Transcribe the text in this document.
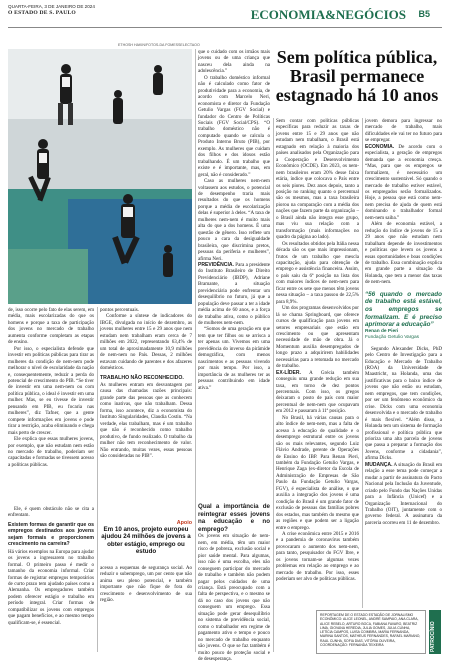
QUARTA-FEIRA, 3 DE JANEIRO DE 2024
O ESTADO DE S. PAULO	ECONOMIA&NEGÓCIOS B5
ETHOSH HAKIN/FOTOS-DA FOMESSELECTAOO
Sem política pública, Brasil permanece estagnado há 10 anos

de, isso ocorre pelo fato de elas serem, em média, mais escolarizadas do que os homens e porque a taxa de participação dos jovens no mercado de trabalho aumenta conforme completam as etapas de ensino.

Por isso, o especialista defende que investir em políticas públicas para tirar as mulheres da condição de nem-nem pode melhorar o nível de escolaridade da nação e, consequentemente, reduzir a perda do potencial de crescimento do PIB. “Se tiver de investir em uma nem-nem ou com política pública, o ideal é investir em uma mulher. Mas, se eu tivesse de investir pensando em PIB, eu focaria nas mulheres”, diz Tafner, que a gente compete informações em jovens e pode tirar a restrição, acaba eliminando e chega mais perto de crescer.

Ele explica que essas mulheres jovens, por exemplo, que não estudam nem estão no mercado de trabalho, poderiam ser capacitadas e formadas se tivessem acesso a políticas públicas.

Ele, é quem obstáculo não se cita a enfrentam.

Existem formas de garantir que os empregos destinados aos jovens sejam formais e proporcionem crescimento na carreira?

Há vários exemplos na Europa para ajudar os jovens a ingressarem no trabalho formal. O primeiro passo é medir o tamanho da economia informal. Criar formas de registrar empregos temporários de curto prazo tem ajudado países como a Alemanha. Os empregadores também podem oferecer estágio e trabalho em período integral. Criar formas de compatibilizar os jovens com empregos que pagam benefícios, e ao mesmo tempo qualificam-se, é essencial.

pontos percentuais.

Conforme a síntese de indicadores do IBGE, divulgada no início de dezembro, as jovens mulheres entre 15 e 29 anos que nem estudam nem trabalham eram cerca de 7 milhões em 2022, representando 63,4% de um total de aproximadamente 10,9 milhões de nem-nem no País. Dessas, 2 milhões estavam cuidando de parentes e dos afazeres domésticos.

TRABALHO NÃO RECONHECIDO.

As mulheres entram em desvantagem por causa das chamadas razões principais: grande parte das pessoas que as conhecem como inativas, que não trabalham. Dessa forma, isso acontece, diz a economista do Instituto Singularidades, Claudia Costin. “Na verdade, elas trabalham, mas é um trabalho que não é reconhecido como trabalho produtivo, de fundo realizado. O trabalho da mulher não tem reconhecimento de valor. Não entrando, muitas vezes, essas pessoas são consideradas no PIB”.

Apoio
Em 10 anos, projeto europeu ajudou 24 milhões de jovens a obter estágio, emprego ou estudo

acesso a esquemas de segurança social. Ao reduzir o subemprego, um por cento que não anima seu pleno potencial, e também importante que não fique de fora do crescimento e desenvolvimento de sua região.

que o cuidado com os irmãos mais jovens ou de uma criança que nasceu dela ainda na adolescência.”

O trabalho doméstico informal não é calculado como fator de produtividade para a economia, de acordo com Marcelo Neri, economista e diretor da Fundação Getulio Vargas (FGV Social) e fundador do Centro de Políticas Sociais (FGV Social/CPS). “O trabalho doméstico não é computado quando se calcula o Produto Interno Bruto (PIB), por exemplo. As mulheres que cuidam dos filhos e dos idosos estão trabalhando. É um trabalho que existe e é importante, mas, em geral, não é considerado.”

Caso as mulheres nem-nem voltassem aos estudos, o potencial de desempenho traria mais resultados do que os homens porque a média de escolarização delas é superior à deles. “A taxa de mulheres nem-nem é muito mais alta do que a dos homens. É uma questão de gênero. Isso reflete um pouco a cara da desigualdade brasileira, que discrimina pretos, pessoas da periferia e mulheres”, afirma Neri.

PREVIDÊNCIA. Para a presidente do Instituto Brasileiro de Direito Previdenciário (IBDP), Adriane Bramante, a situação previdenciária pode enfrentar um desequilíbrio no futuro, já que a população deve passar a ter a idade média acima de 60 anos, e a força de trabalho ativa, como o público de mulheres nem-nem.

“Somos de uma geração em que tem que ter filhos ou se arrisca a ter apenas um. Vivemos em uma previdência do inverso da pirâmide demográfica, com menos nascimentos e as pessoas vivendo por mais tempo. Por isso, a importância de as mulheres ter as pessoas contribuindo em idade ativa.”

Qual a importância de reintegrar esses jovens na educação e no emprego?

Os jovens em situação de nem-nem, em média, têm um maior risco de pobreza, exclusão social e pior saúde mental. Para algumas, isso não é uma escolha, eles não conseguem participar do mercado de trabalho e também não podem pagar pelos cuidados de uma criança. Está preocupado com a falta de perspectiva, e o mesmo se dá no caso dos jovens que não conseguem um emprego. Essa situação pode gerar desequilíbrio no sistema de previdência social, como o trabalhador em regime de pagamento ativo e tempo e pouco no mercado de trabalho enquanto são jovens. O que se faz também é muito pouco de proteção social e de desesperança.

Sem contar com políticas públicas específicas para reduzir as taxas de jovens entre 15 e 29 anos que não estudam nem trabalham, o Brasil está estagnado em relação à maioria dos países analisados pela Organização para a Cooperação e Desenvolvimento Econômico (OCDE). Em 2023, os nem-nem brasileiros eram 20% desse faixa etária, índice que colocava o País entre os seis piores. Dez anos depois, tanto a posição no ranking quanto o percentual são os mesmos, mas a taxa brasileira piorou na comparação com a média dos nações que fazem parte da organização – o Brasil ainda não integra esse grupo, mas viu sua relação com a transformação (mais informações no quadro da página ao lado).

Os resultados obtidos pela Itália nessa década são os que mais impressionam, frutos de um trabalho que mescla capacitação, ajuda para obtenção de emprego e assistência financeira. Assim, o país saiu da 6ª posição na lista dos com maiores índices de nem-nem para ficar entre os sete que menos têm jovens nessa situação – a taxa passou de 22,5% para 8,9%.

Um dos programas desenvolvidos por lá se chama Springboard, que oferece cursos de qualificação para jovens em setores empresariais que estão em crescimento ou que apresentam necessidade de mão de obra. Já o Momentum auxilia desempregados de longo prazo a adquirirem habilidades necessárias para a retomada no mercado de trabalho.

EX-LÍDER. A Grécia também conseguiu uma grande redução em sua taxa, em torno de dez pontos percentuais. Com isso, os gregos deixaram o posto de país com maior percentual de nem-nem que ocupavam em 2012 e passaram à 11ª posição.

No Brasil, há várias causas para o alto índice de nem-nem, mas a falta de acesso à educação de qualidade e o desemprego estrutural entre os jovens são os mais relevantes, segundo Luiz Flávio Andrade, gerente de Operações de Ensino do IBP. Para Renan Pieri, também da Fundação Getulio Vargas, e Henrique Zaga (ex-diretor da Escola de Administração de Empresas de São Paulo da Fundação Getulio Vargas, FGV), é especialista de análise, o que auxilia a integração dos jovens é uma condição do Brasil é um grande fator de exclusão de pessoas das famílias pobres dos estados, mas também do mesmo que as regiões e que podem ser a ligação entre o emprego.

A crise econômica entre 2015 e 2016 e a pandemia de coronavírus também provocaram o aumento dos nem-nem, para tanto, pesquisador do FGV Ibre, e os jovens tornam-se algumas vezes problemas em relação ao emprego e ao mercado de trabalho. Por isso, esses poderiam ser alvo de políticas públicas.

jovem demora para ingressar no mercado de trabalho, mais dificuldades ele vai ter no futuro para se empregar.

ECONOMIA. De acordo com o especialista, a geração de empregos demanda que a economia cresça. “Mas, para que os empregos se formalizem, é necessário um crescimento sustentável. Só quando o mercado de trabalho estiver estável, os empregados serão formalizados. Hoje, a pessoa que está como nem-nem precisa de ajuda de quem está dominando o trabalhador formal nem-nem saiba.”

Além de economia estável, a redução do índice de jovens de 15 a 29 anos que não estudam nem trabalham depende de investimentos e políticas que levem os jovens a essas oportunidades e boas condições de trabalho. Essa combinação explica em grande parte a situação da Holanda, que tem a menor das taxas de nem-nem.

“56 quando o mercado de trabalho está estável, os empregos se formalizam. E é preciso aprimorar a educação”
Renan de Pieri
Fundação Getulio Vargas

Segundo Alexander Dicks, PhD pelo Centro de Investigação para a Educação e Mercado de Trabalho (ROA) da Universidade de Maastricht, na Holanda, uma das justificativas para o baixo índice de jovens que não estão ou estudam, nem empregos, que tem condições, por ser um fenômeno econômico da crise. Dicks com uma economia desenvolvida e o mercado de trabalho é mais flexível. “Além disso, a Holanda tem um sistema de formação profissional e política pública que prioriza uma alta parcela de jovens que passa a preparar a formação dos Jovens, conforme a cidadania”, afirma Dicks.

MUDANÇA. A situação do Brasil em relação a esse tema pode começar a mudar a partir de assinatura do Pacto Nacional pela Inclusão da Juventude, criado pelo Fundo das Nações Unidas para a Infância (Unicef) e a Organização Internacional do Trabalho (OIT), juntamente com o governo federal. A assinatura da parceria ocorreu em 11 de dezembro.

REPORTAGEM DE O ESTADO ESTADÃO DE JORNALISMO ECONÔMICO: ALICE LEONEL, ANDRÉ SAMPAIO, ANA CLARA, ALICE REBELO, ARTURO BOCA, FABIANA FAVARO, BEATRIZ LIMA, GIOVANA HEREDIA, JULIA GOMES, JULIA CUNHA, LETÍCIA CAMPOS, LUISA COIMBRA, MARIA FERNANDA, MARINA SANTOS, MATHEUS FERNANDES, RAFAEL MARIANO, RAUL CUNHA, SOFIA DIAS, VITÓRIA OLIVEIRA, COORDENAÇÃO: FERNANDA TEIXEIRA	PATROCÍNIO
